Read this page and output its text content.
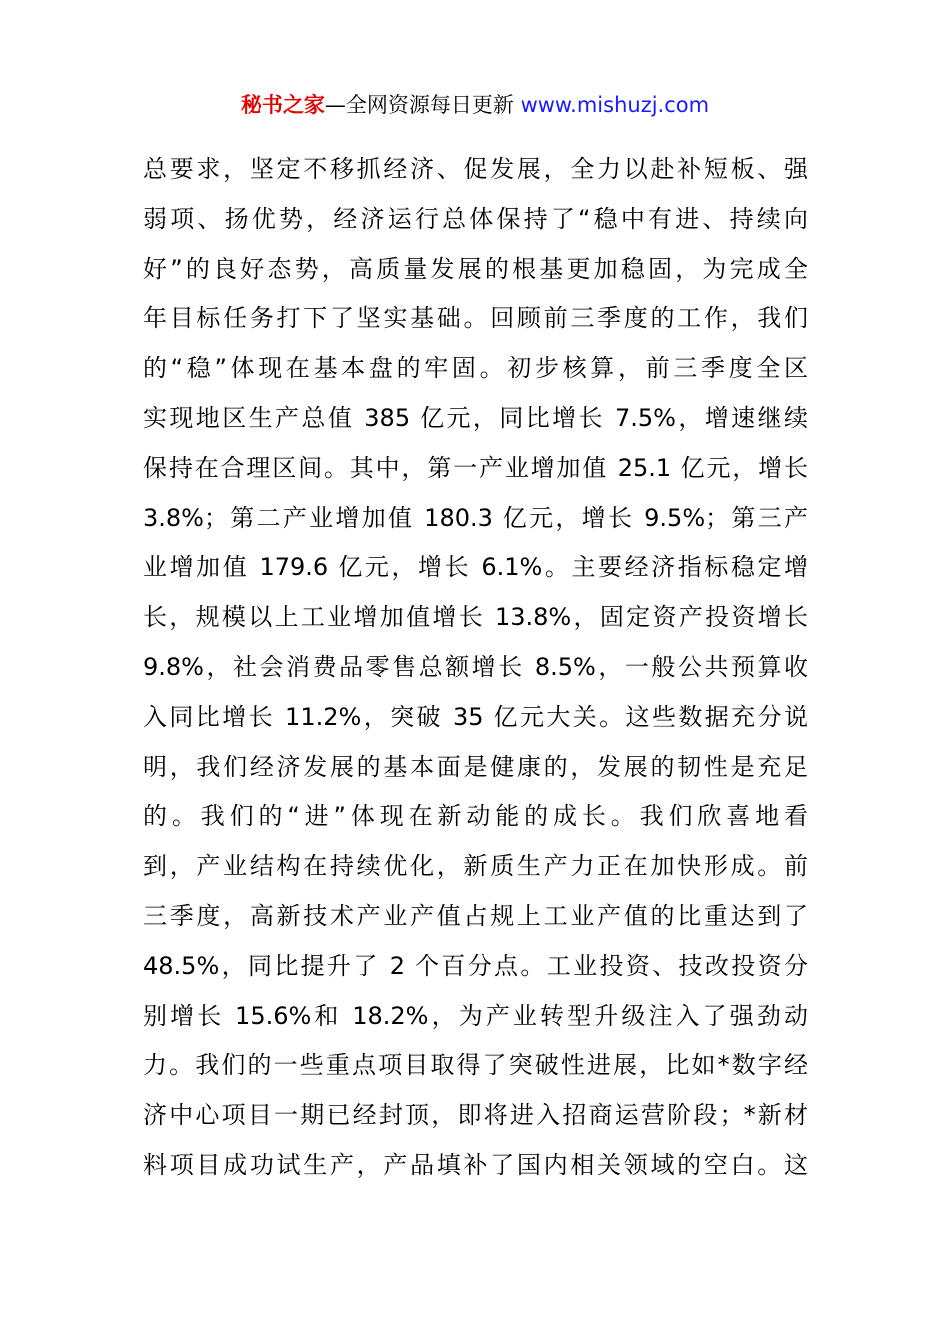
秘书之家—全网资源每日更新 www.mishuzj.com
总要求，坚定不移抓经济、促发展，全力以赴补短板、强
弱项、扬优势，经济运行总体保持了“稳中有进、持续向
好”的良好态势，高质量发展的根基更加稳固，为完成全
年目标任务打下了坚实基础。回顾前三季度的工作，我们
的“稳”体现在基本盘的牢固。初步核算，前三季度全区
实现地区生产总值 385 亿元，同比增长 7.5%，增速继续
保持在合理区间。其中，第一产业增加值 25.1 亿元，增长
3.8%；第二产业增加值 180.3 亿元，增长 9.5%；第三产
业增加值 179.6 亿元，增长 6.1%。主要经济指标稳定增
长，规模以上工业增加值增长 13.8%，固定资产投资增长
9.8%，社会消费品零售总额增长 8.5%，一般公共预算收
入同比增长 11.2%，突破 35 亿元大关。这些数据充分说
明，我们经济发展的基本面是健康的，发展的韧性是充足
的。我们的“进”体现在新动能的成长。我们欣喜地看
到，产业结构在持续优化，新质生产力正在加快形成。前
三季度，高新技术产业产值占规上工业产值的比重达到了
48.5%，同比提升了 2 个百分点。工业投资、技改投资分
别增长 15.6%和 18.2%，为产业转型升级注入了强劲动
力。我们的一些重点项目取得了突破性进展，比如*数字经
济中心项目一期已经封顶，即将进入招商运营阶段；*新材
料项目成功试生产，产品填补了国内相关领域的空白。这
